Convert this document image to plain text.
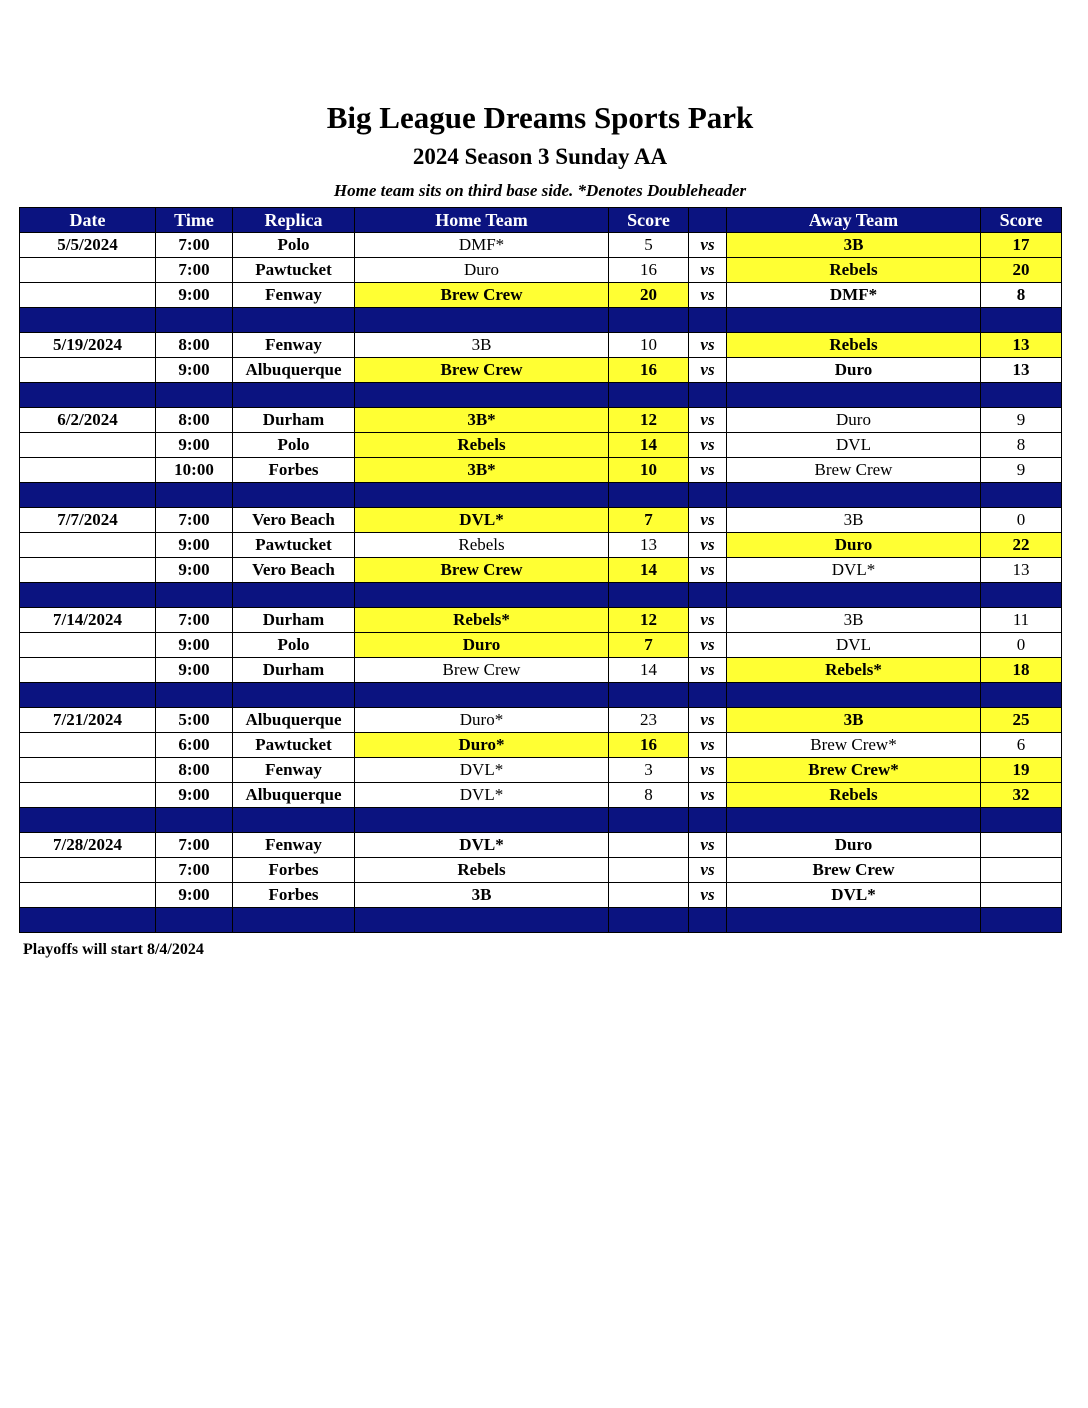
Big League Dreams Sports Park
2024 Season 3 Sunday AA
Home team sits on third base side. *Denotes Doubleheader
Date	Time	Replica	Home Team	Score		Away Team	Score
5/5/2024	7:00	Polo	DMF*	5	vs	3B	17
	7:00	Pawtucket	Duro	16	vs	Rebels	20
	9:00	Fenway	Brew Crew	20	vs	DMF*	8

5/19/2024	8:00	Fenway	3B	10	vs	Rebels	13
	9:00	Albuquerque	Brew Crew	16	vs	Duro	13

6/2/2024	8:00	Durham	3B*	12	vs	Duro	9
	9:00	Polo	Rebels	14	vs	DVL	8
	10:00	Forbes	3B*	10	vs	Brew Crew	9

7/7/2024	7:00	Vero Beach	DVL*	7	vs	3B	0
	9:00	Pawtucket	Rebels	13	vs	Duro	22
	9:00	Vero Beach	Brew Crew	14	vs	DVL*	13

7/14/2024	7:00	Durham	Rebels*	12	vs	3B	11
	9:00	Polo	Duro	7	vs	DVL	0
	9:00	Durham	Brew Crew	14	vs	Rebels*	18

7/21/2024	5:00	Albuquerque	Duro*	23	vs	3B	25
	6:00	Pawtucket	Duro*	16	vs	Brew Crew*	6
	8:00	Fenway	DVL*	3	vs	Brew Crew*	19
	9:00	Albuquerque	DVL*	8	vs	Rebels	32

7/28/2024	7:00	Fenway	DVL*		vs	Duro	
	7:00	Forbes	Rebels		vs	Brew Crew	
	9:00	Forbes	3B		vs	DVL*	

Playoffs will start 8/4/2024
